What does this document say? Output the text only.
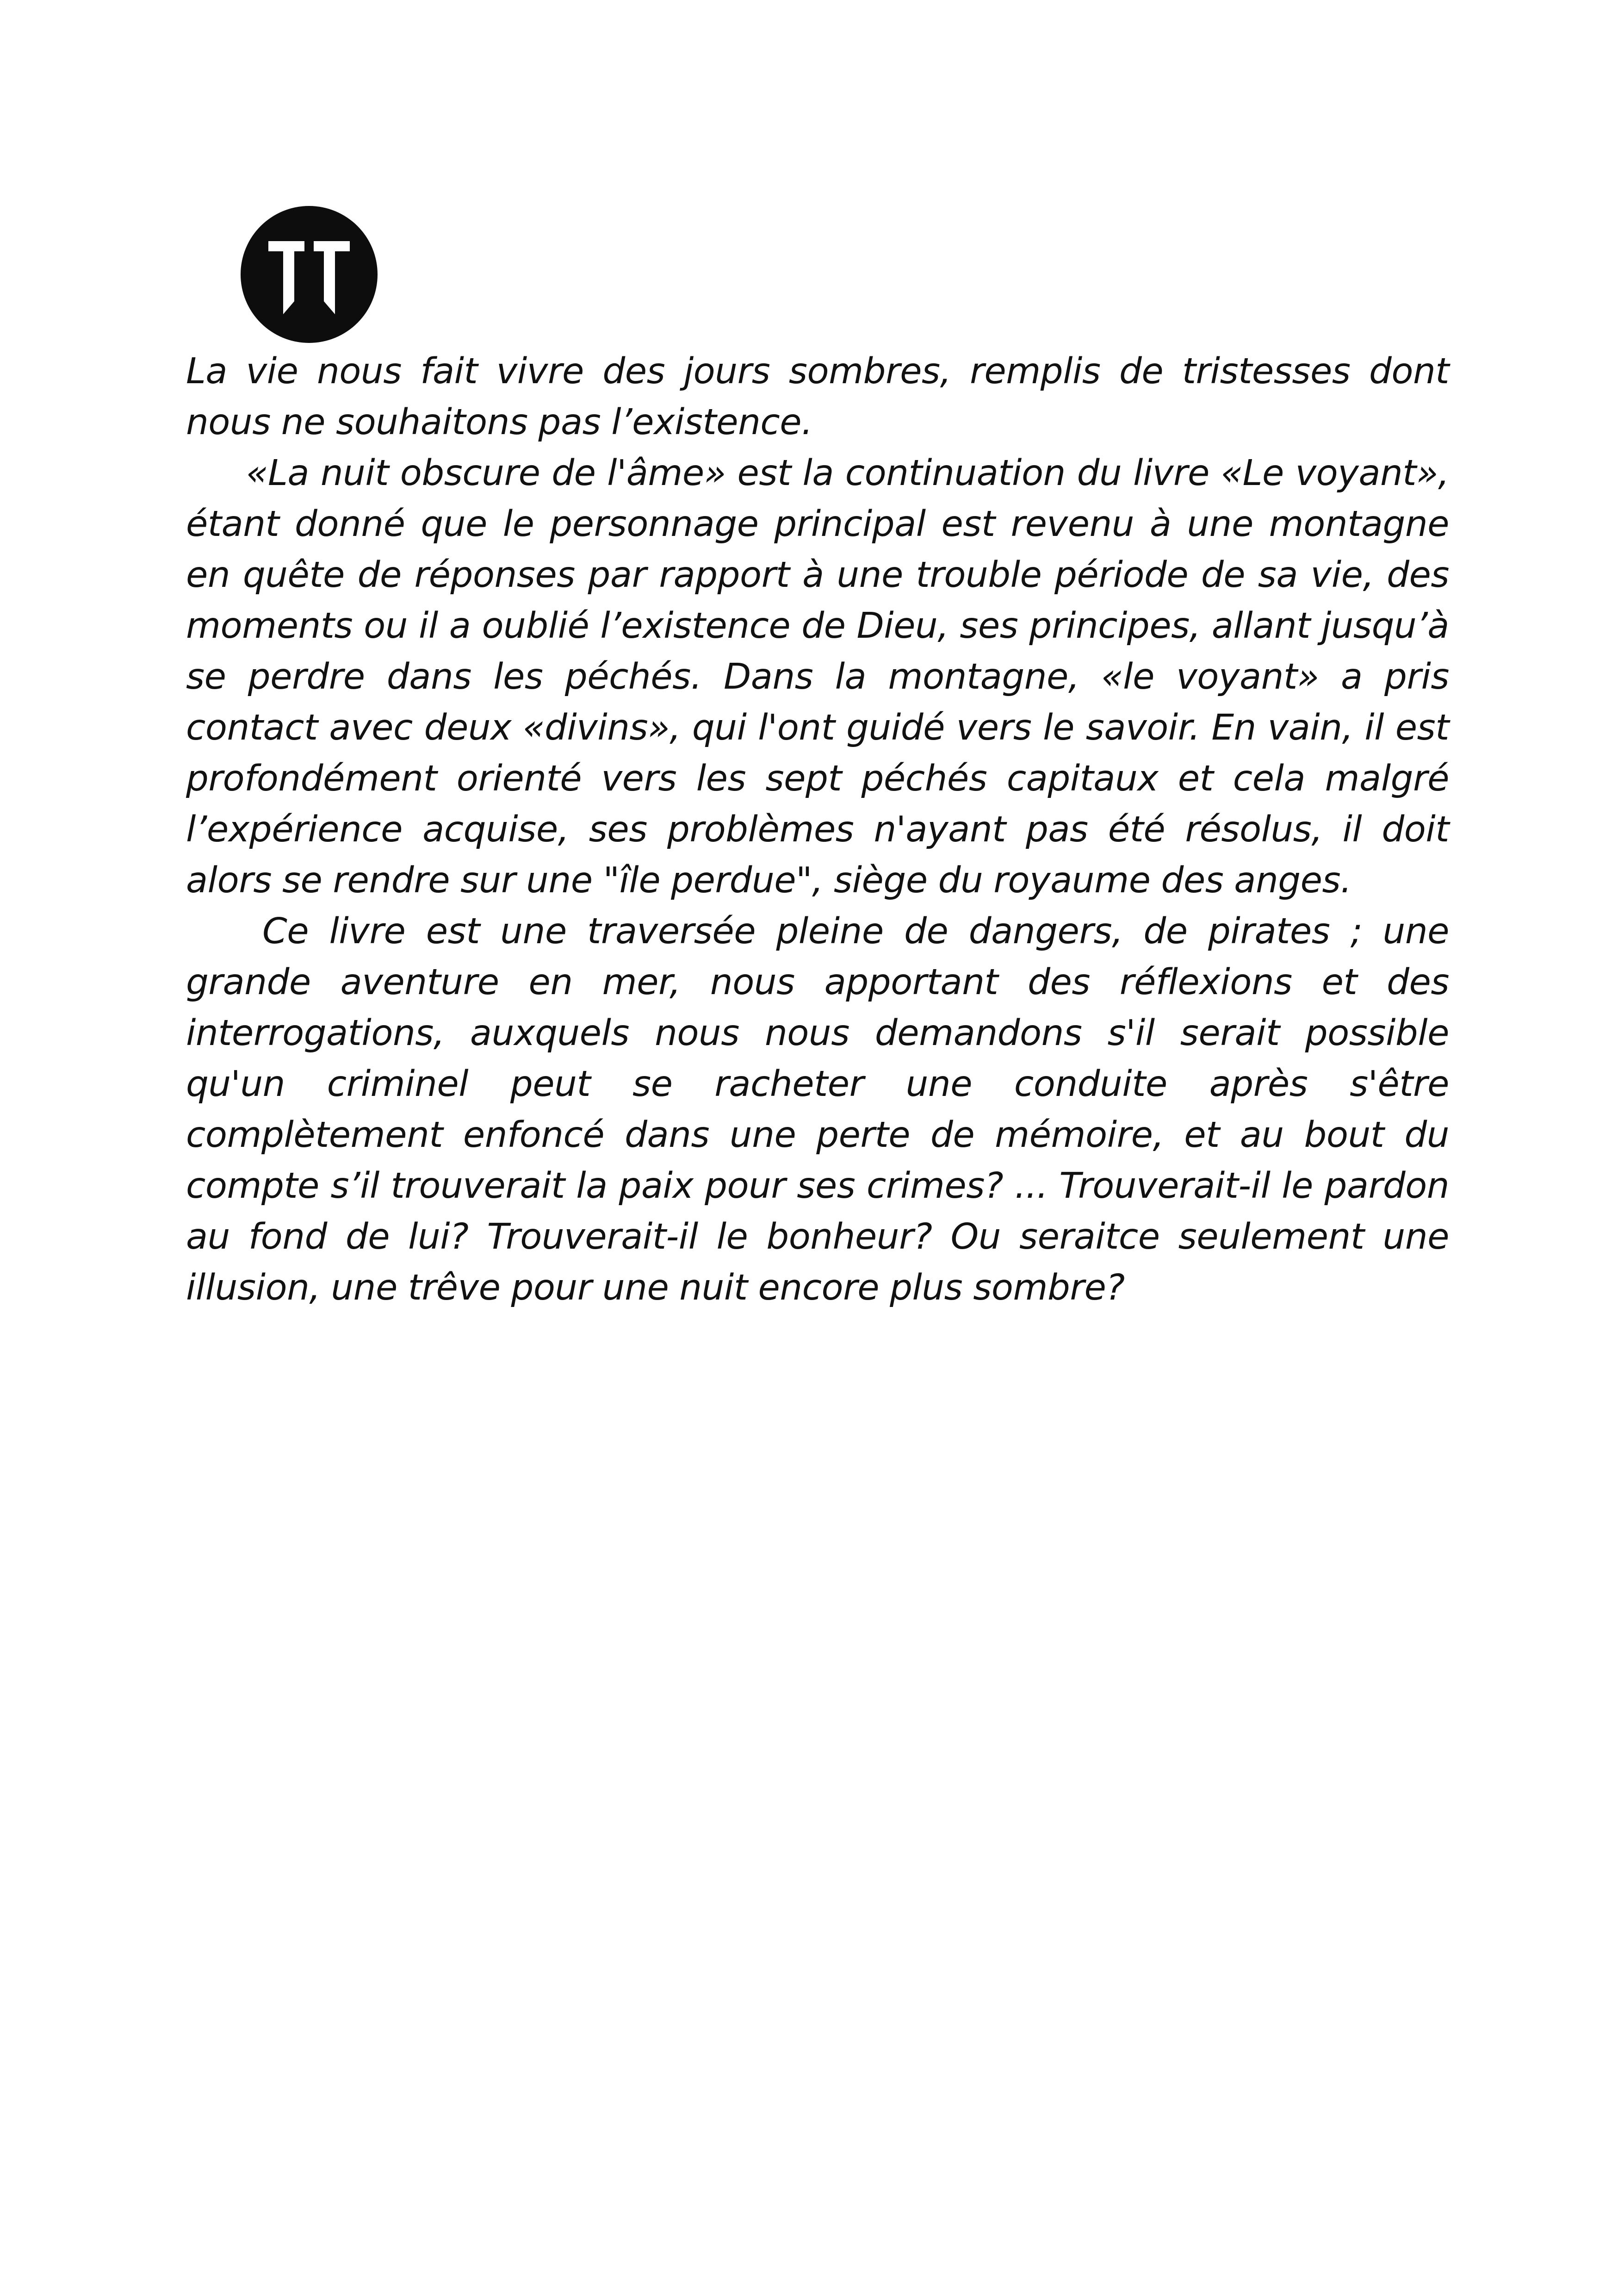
La vie nous fait vivre des jours sombres, remplis de tristesses dont nous ne souhaitons pas l’existence.

«La nuit obscure de l'âme» est la continuation du livre «Le voyant», étant donné que le personnage principal est revenu à une montagne en quête de réponses par rapport à une trouble période de sa vie, des moments ou il a oublié l’existence de Dieu, ses principes, allant jusqu’à se perdre dans les péchés. Dans la montagne, «le voyant» a pris contact avec deux «divins», qui l'ont guidé vers le savoir. En vain, il est profondément orienté vers les sept péchés capitaux et cela malgré l’expérience acquise, ses problèmes n'ayant pas été résolus, il doit alors se rendre sur une "île perdue", siège du royaume des anges.

Ce livre est une traversée pleine de dangers, de pirates ; une grande aventure en mer, nous apportant des réflexions et des interrogations, auxquels nous nous demandons s'il serait possible qu'un criminel peut se racheter une conduite après s'être complètement enfoncé dans une perte de mémoire, et au bout du compte s’il trouverait la paix pour ses crimes? ... Trouverait-il le pardon au fond de lui? Trouverait-il le bonheur? Ou seraitce seulement une illusion, une trêve pour une nuit encore plus sombre?
